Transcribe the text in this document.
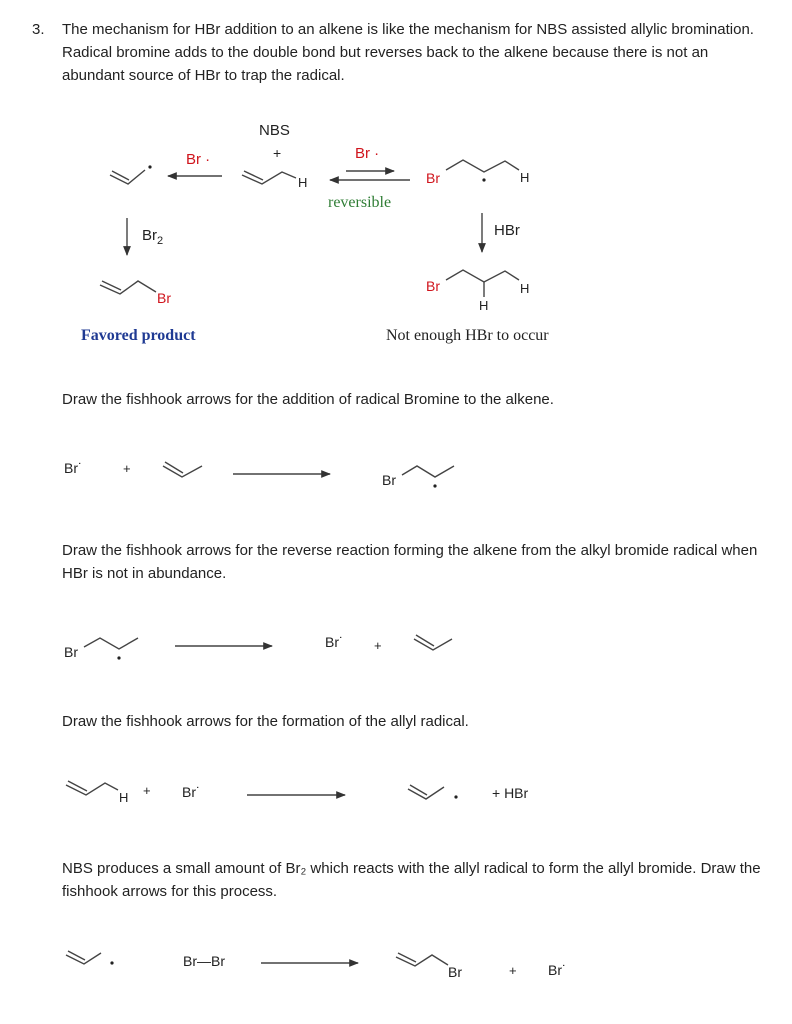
3. The mechanism for HBr addition to an alkene is like the mechanism for NBS assisted allylic bromination. Radical bromine adds to the double bond but reverses back to the alkene because there is not an abundant source of HBr to trap the radical.
NBS
+
Br ·	Br ·
H
reversible
Br	H
$Br_2$
HBr
Br
Br	H
H
Favored product	Not enough HBr to occur
Draw the fishhook arrows for the addition of radical Bromine to the alkene.
Br˙	+
Br
Draw the fishhook arrows for the reverse reaction forming the alkene from the alkyl bromide radical when HBr is not in abundance.
Br
Br˙ +
Draw the fishhook arrows for the formation of the allyl radical.
H + Br˙	+ HBr
NBS produces a small amount of Br₂ which reacts with the allyl radical to form the allyl bromide. Draw the fishhook arrows for this process.
Br—Br
Br	+ Br˙
